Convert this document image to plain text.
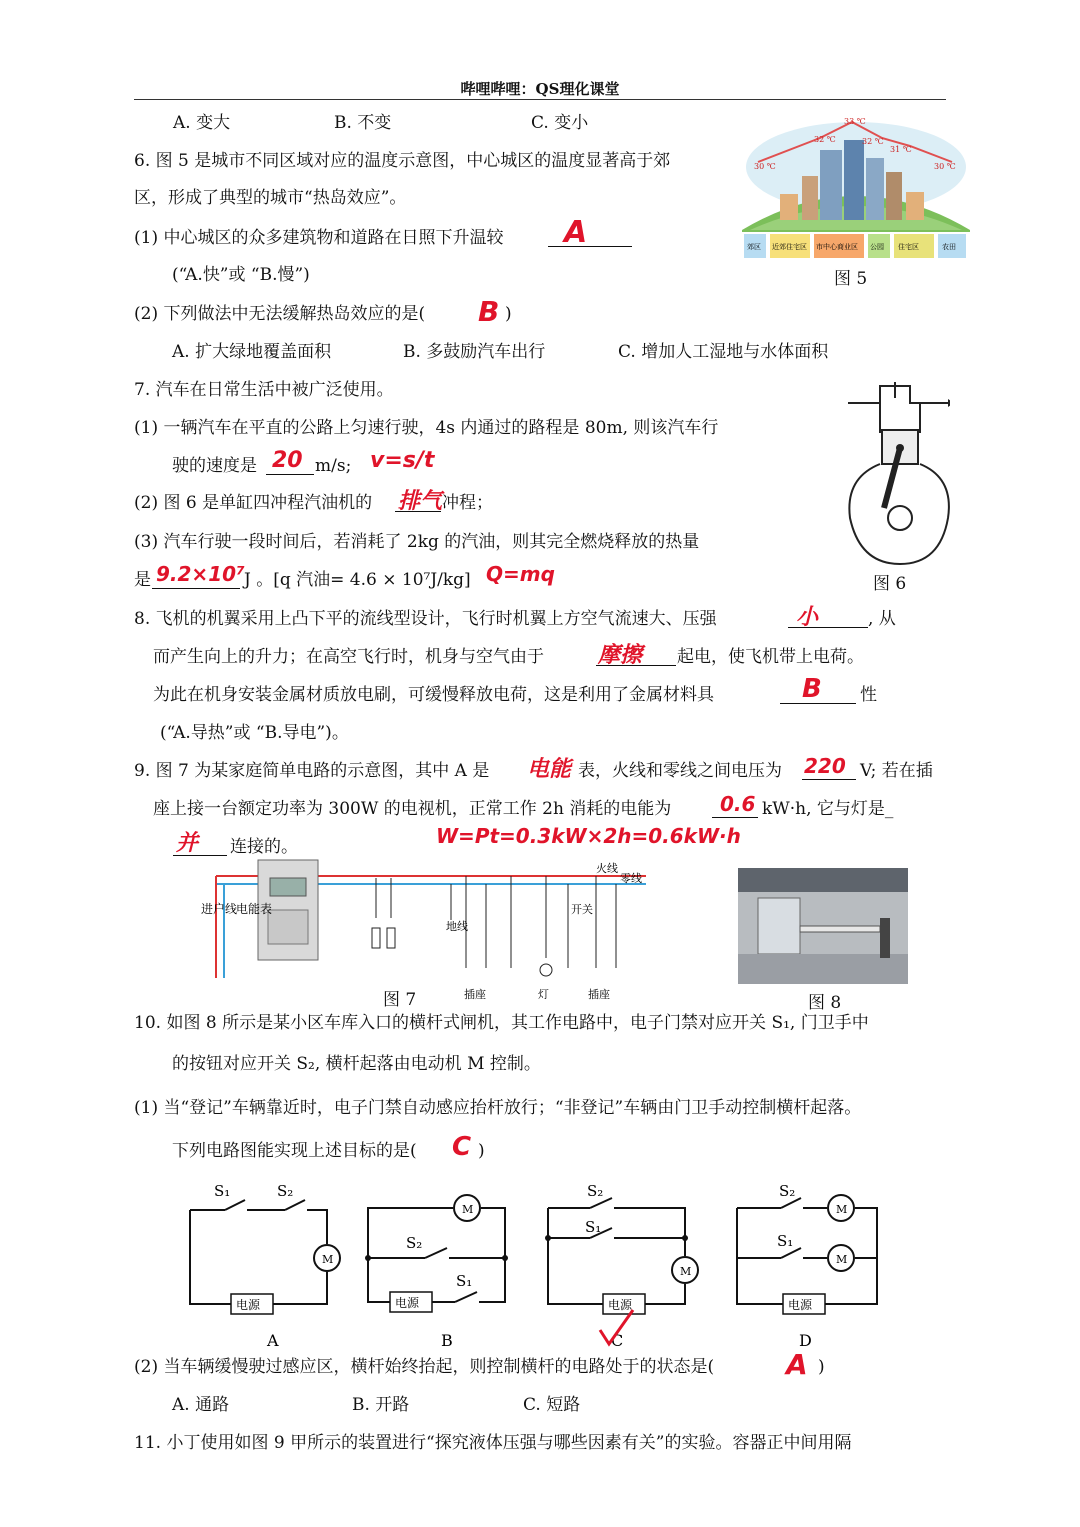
哔哩哔哩：QS理化课堂
A. 变大	B. 不变	C. 变小
30 ℃
32 ℃
33 ℃
32 ℃
31 ℃
30 ℃
郊区 近郊住宅区 市中心商业区 公园 住宅区	农田
图 5
6. 图 5 是城市不同区域对应的温度示意图，中心城区的温度显著高于郊
区，形成了典型的城市“热岛效应”。
(1) 中心城区的众多建筑物和道路在日照下升温较 A
(“A.快”或 “B.慢”)
(2) 下列做法中无法缓解热岛效应的是( B )
A. 扩大绿地覆盖面积	B. 多鼓励汽车出行	C. 增加人工湿地与水体面积
7. 汽车在日常生活中被广泛使用。
(1) 一辆汽车在平直的公路上匀速行驶，4s 内通过的路程是 80m, 则该汽车行
驶的速度是 20 m/s; v=s/t
(2) 图 6 是单缸四冲程汽油机的 排气 冲程；
(3) 汽车行驶一段时间后，若消耗了 2kg 的汽油，则其完全燃烧释放的热量
是 9.2×10⁷ J 。[q 汽油= 4.6 × 10⁷J/kg] Q=mq	图 6
8. 飞机的机翼采用上凸下平的流线型设计，飞行时机翼上方空气流速大、压强	小	, 从
而产生向上的升力；在高空飞行时，机身与空气由于 摩擦 起电，使飞机带上电荷。
为此在机身安装金属材质放电刷，可缓慢释放电荷，这是利用了金属材料具	B 性
(“A.导热”或 “B.导电”)。
9. 图 7 为某家庭简单电路的示意图，其中 A 是 电能 表，火线和零线之间电压为 220 V; 若在插
座上接一台额定功率为 300W 的电视机，正常工作 2h 消耗的电能为 0.6 kW·h, 它与灯是_
并 连接的。	W=Pt=0.3kW×2h=0.6kW·h
进户线
电能表
地线
开关
插座	灯	插座
火线
零线
图 7	图 8
10. 如图 8 所示是某小区车库入口的横杆式闸机，其工作电路中，电子门禁对应开关 S₁, 门卫手中
的按钮对应开关 S₂, 横杆起落由电动机 M 控制。
(1) 当“登记”车辆靠近时，电子门禁自动感应抬杆放行；“非登记”车辆由门卫手动控制横杆起落。
下列电路图能实现上述目标的是( C )
S₁	S₂
M
电源
A
S₂
S₁
M
电源
B
S₂
S₁
M
电源
C
S₂
S₁
M
M
电源
D
(2) 当车辆缓慢驶过感应区，横杆始终抬起，则控制横杆的电路处于的状态是(	A )
A. 通路	B. 开路	C. 短路
11. 小丁使用如图 9 甲所示的装置进行“探究液体压强与哪些因素有关”的实验。容器正中间用隔
